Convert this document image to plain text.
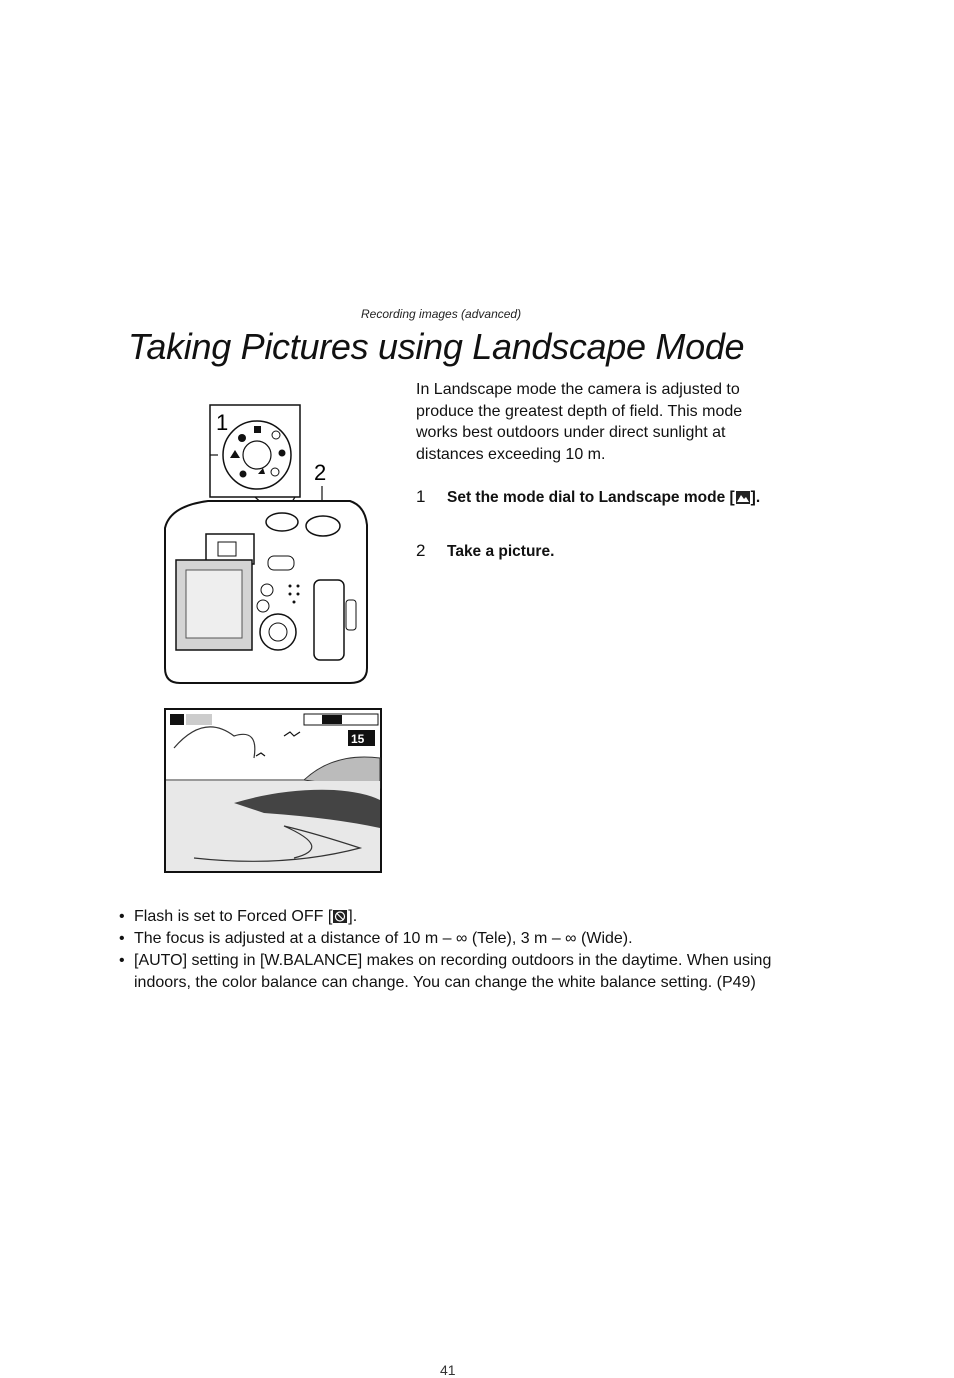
Recording images (advanced)
Taking Pictures using Landscape Mode
1
2
15

In Landscape mode the camera is adjusted to produce the greatest depth of field. This mode works best outdoors under direct sunlight at distances exceeding 10 m.

1 Set the mode dial to Landscape mode [ ].
2 Take a picture.
• Flash is set to Forced OFF [ ].
• The focus is adjusted at a distance of 10 m – ∞ (Tele), 3 m – ∞ (Wide).
• [AUTO] setting in [W.BALANCE] makes on recording outdoors in the daytime. When using indoors, the color balance can change. You can change the white balance setting. (P49)
41
